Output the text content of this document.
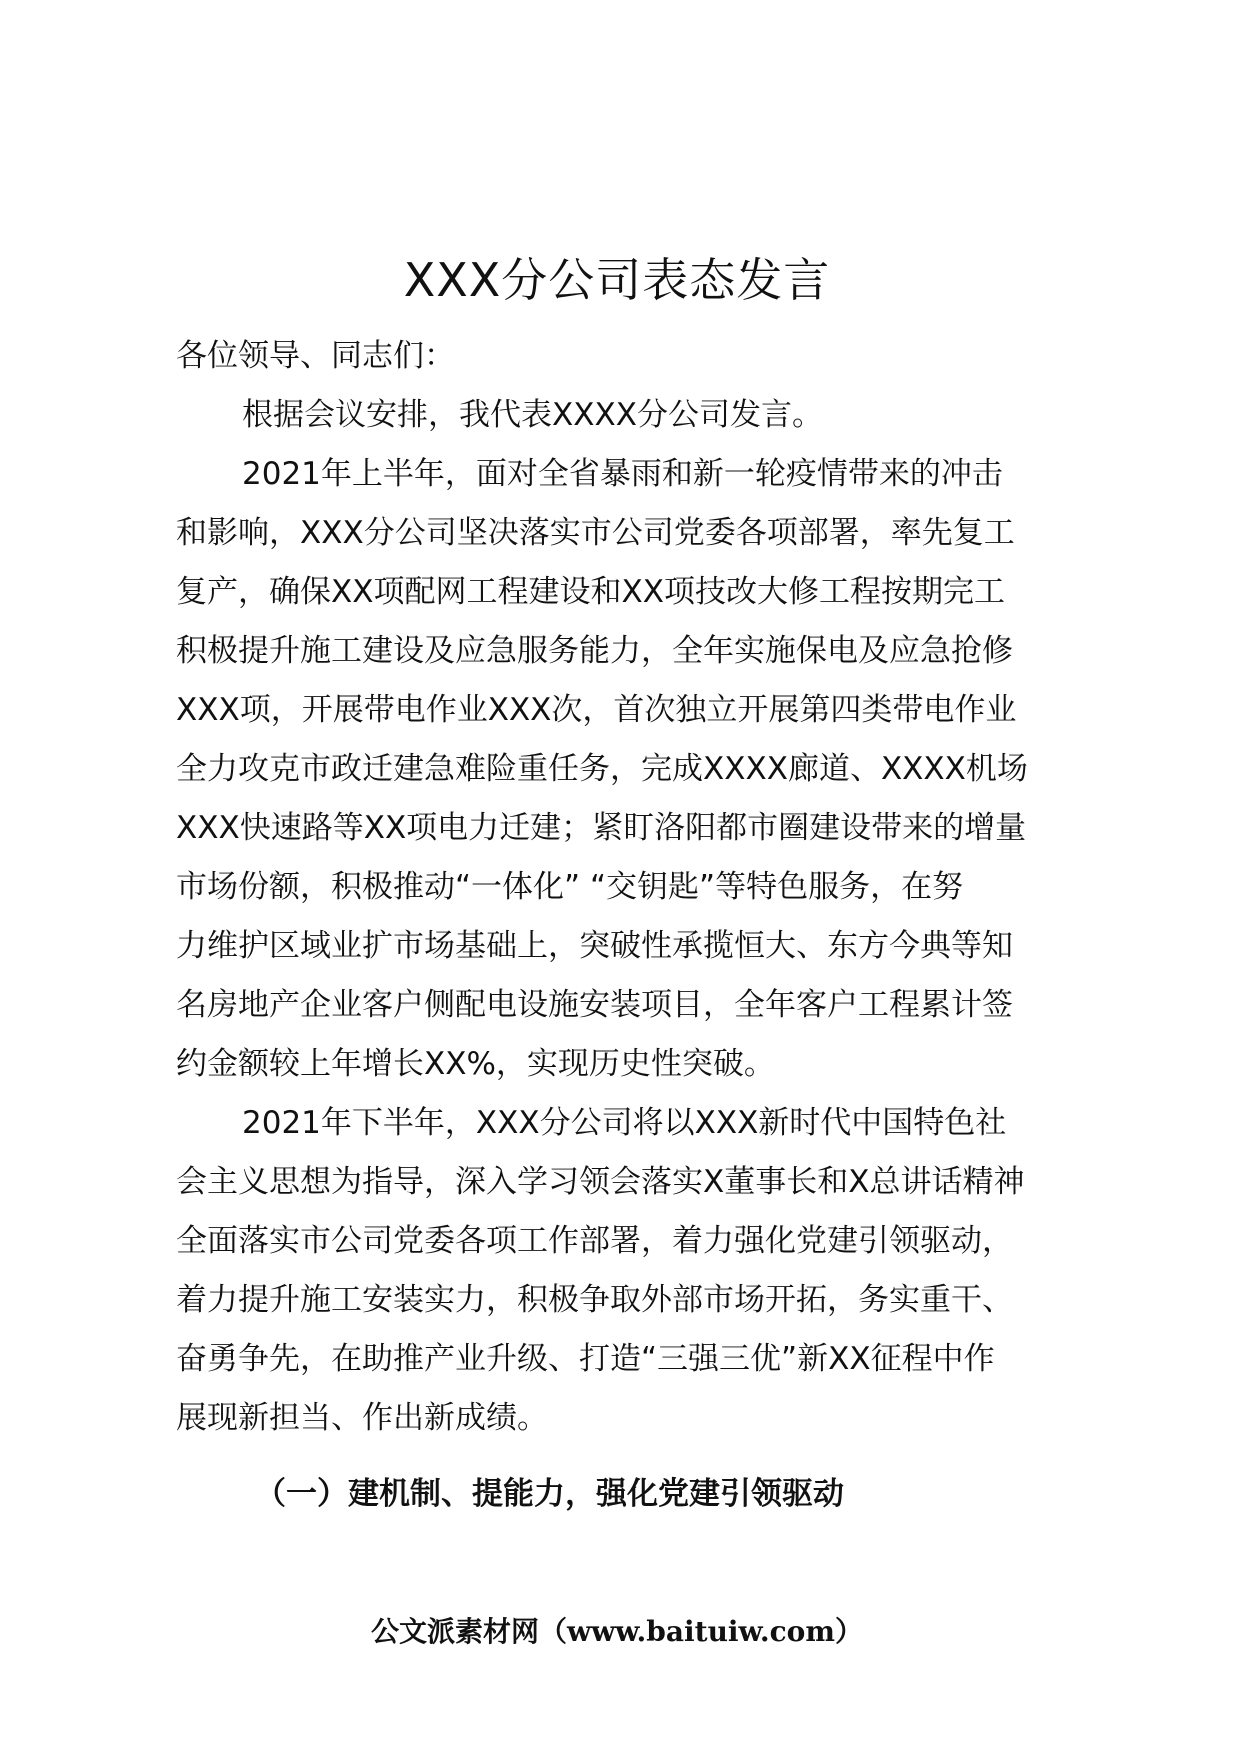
XXX分公司表态发言
各位领导、同志们：
根据会议安排，我代表XXXX分公司发言。
2021年上半年，面对全省暴雨和新一轮疫情带来的冲击
和影响，XXX分公司坚决落实市公司党委各项部署，率先复工
复产，确保XX项配网工程建设和XX项技改大修工程按期完工
积极提升施工建设及应急服务能力，全年实施保电及应急抢修
XXX项，开展带电作业XXX次，首次独立开展第四类带电作业
全力攻克市政迁建急难险重任务，完成XXXX廊道、XXXX机场
XXX快速路等XX项电力迁建；紧盯洛阳都市圈建设带来的增量
市场份额，积极推动“一体化” “交钥匙”等特色服务，在努
力维护区域业扩市场基础上，突破性承揽恒大、东方今典等知
名房地产企业客户侧配电设施安装项目，全年客户工程累计签
约金额较上年增长XX%，实现历史性突破。
2021年下半年，XXX分公司将以XXX新时代中国特色社
会主义思想为指导，深入学习领会落实X董事长和X总讲话精神
全面落实市公司党委各项工作部署，着力强化党建引领驱动，
着力提升施工安装实力，积极争取外部市场开拓，务实重干、
奋勇争先，在助推产业升级、打造“三强三优”新XX征程中作
展现新担当、作出新成绩。
（一）建机制、提能力，强化党建引领驱动
公文派素材网（www.baituiw.com）
